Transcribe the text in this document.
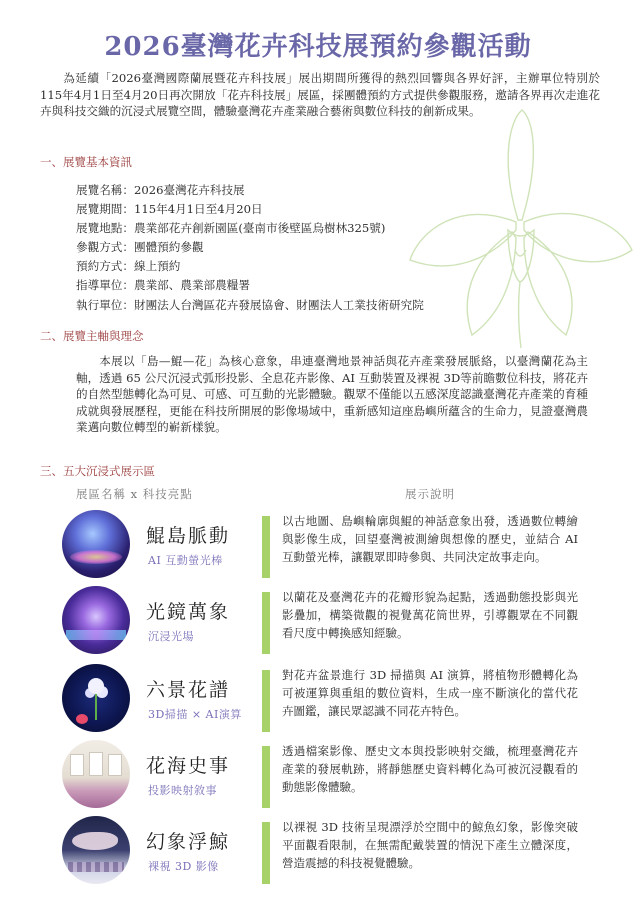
2026臺灣花卉科技展預約參觀活動

為延續「2026臺灣國際蘭展暨花卉科技展」展出期間所獲得的熱烈回響與各界好評，主辦單位特別於115年4月1日至4月20日再次開放「花卉科技展」展區，採團體預約方式提供參觀服務，邀請各界再次走進花卉與科技交織的沉浸式展覽空間，體驗臺灣花卉產業融合藝術與數位科技的創新成果。

一、展覽基本資訊
展覽名稱：2026臺灣花卉科技展
展覽期間：115年4月1日至4月20日
展覽地點：農業部花卉創新園區(臺南市後壁區烏樹林325號)
參觀方式：團體預約參觀
預約方式：線上預約
指導單位：農業部、農業部農糧署
執行單位：財團法人台灣區花卉發展協會、財團法人工業技術研究院
二、展覽主軸與理念

本展以「島—鯤—花」為核心意象，串連臺灣地景神話與花卉產業發展脈絡，以臺灣蘭花為主軸，透過 65 公尺沉浸式弧形投影、全息花卉影像、AI 互動裝置及裸視 3D等前瞻數位科技，將花卉的自然型態轉化為可見、可感、可互動的光影體驗。觀眾不僅能以五感深度認識臺灣花卉產業的育種成就與發展歷程，更能在科技所開展的影像場域中，重新感知這座島嶼所蘊含的生命力，見證臺灣農業邁向數位轉型的嶄新樣貌。

三、五大沉浸式展示區
展區名稱 x 科技亮點	展示說明
鯤島脈動
AI 互動螢光棒
以古地圖、島嶼輪廓與鯤的神話意象出發，透過數位轉繪與影像生成，回望臺灣被測繪與想像的歷史，並結合 AI 互動螢光棒，讓觀眾即時參與、共同決定故事走向。
光鏡萬象
沉浸光場
以蘭花及臺灣花卉的花瓣形貌為起點，透過動態投影與光影疊加，構築微觀的視覺萬花筒世界，引導觀眾在不同觀看尺度中轉換感知經驗。
六景花譜
3D掃描 × AI演算
對花卉盆景進行 3D 掃描與 AI 演算，將植物形體轉化為可被運算與重組的數位資料，生成一座不斷演化的當代花卉圖鑑，讓民眾認識不同花卉特色。
花海史事
投影映射敘事
透過檔案影像、歷史文本與投影映射交織，梳理臺灣花卉產業的發展軌跡，將靜態歷史資料轉化為可被沉浸觀看的動態影像體驗。
幻象浮鯨
裸視 3D 影像
以裸視 3D 技術呈現漂浮於空間中的鯨魚幻象，影像突破平面觀看限制，在無需配戴裝置的情況下產生立體深度，營造震撼的科技視覺體驗。
